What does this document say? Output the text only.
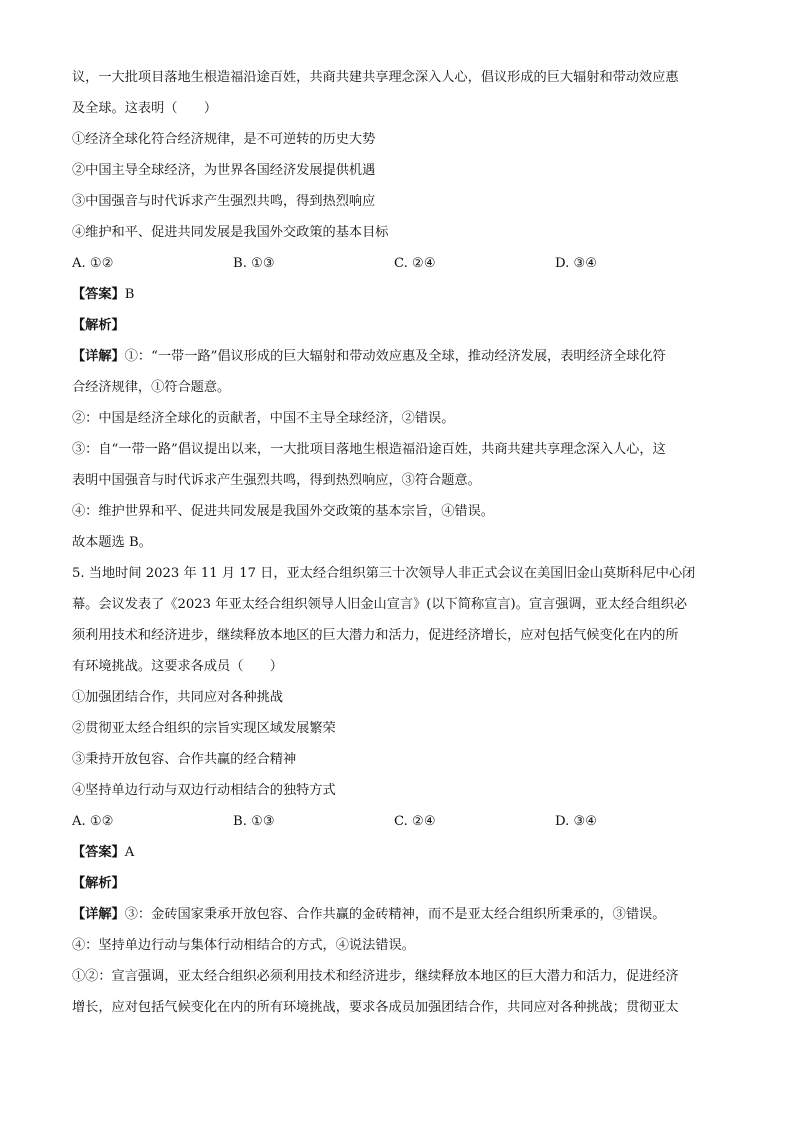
议，一大批项目落地生根造福沿途百姓，共商共建共享理念深入人心，倡议形成的巨大辐射和带动效应惠
及全球。这表明（　　）
①经济全球化符合经济规律，是不可逆转的历史大势
②中国主导全球经济，为世界各国经济发展提供机遇
③中国强音与时代诉求产生强烈共鸣，得到热烈响应
④维护和平、促进共同发展是我国外交政策的基本目标
A. ①②	B. ①③	C. ②④	D. ③④
【答案】B
【解析】
【详解】①：“一带一路”倡议形成的巨大辐射和带动效应惠及全球，推动经济发展，表明经济全球化符
合经济规律，①符合题意。
②：中国是经济全球化的贡献者，中国不主导全球经济，②错误。
③：自“一带一路”倡议提出以来，一大批项目落地生根造福沿途百姓，共商共建共享理念深入人心，这
表明中国强音与时代诉求产生强烈共鸣，得到热烈响应，③符合题意。
④：维护世界和平、促进共同发展是我国外交政策的基本宗旨，④错误。
故本题选 B。
5. 当地时间 2023 年 11 月 17 日，亚太经合组织第三十次领导人非正式会议在美国旧金山莫斯科尼中心闭
幕。会议发表了《2023 年亚太经合组织领导人旧金山宣言》(以下简称宣言)。宣言强调，亚太经合组织必
须利用技术和经济进步，继续释放本地区的巨大潜力和活力，促进经济增长，应对包括气候变化在内的所
有环境挑战。这要求各成员（　　）
①加强团结合作，共同应对各种挑战
②贯彻亚太经合组织的宗旨实现区域发展繁荣
③秉持开放包容、合作共赢的经合精神
④坚持单边行动与双边行动相结合的独特方式
A. ①②	B. ①③	C. ②④	D. ③④
【答案】A
【解析】
【详解】③：金砖国家秉承开放包容、合作共赢的金砖精神，而不是亚太经合组织所秉承的，③错误。
④：坚持单边行动与集体行动相结合的方式，④说法错误。
①②：宣言强调，亚太经合组织必须利用技术和经济进步，继续释放本地区的巨大潜力和活力，促进经济
增长，应对包括气候变化在内的所有环境挑战，要求各成员加强团结合作，共同应对各种挑战；贯彻亚太
